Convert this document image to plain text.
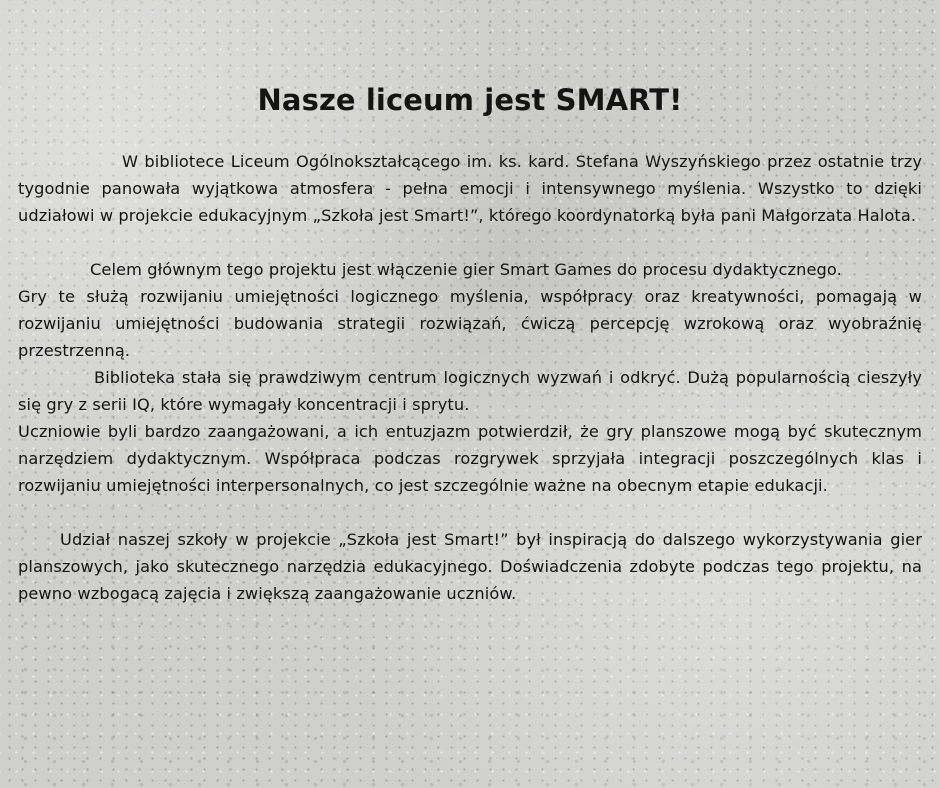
Nasze liceum jest SMART!

W bibliotece Liceum Ogólnokształcącego im. ks. kard. Stefana Wyszyńskiego przez ostatnie trzy tygodnie panowała wyjątkowa atmosfera - pełna emocji i intensywnego myślenia. Wszystko to dzięki udziałowi w projekcie edukacyjnym „Szkoła jest Smart!”, którego koordynatorką była pani Małgorzata Halota.

Celem głównym tego projektu jest włączenie gier Smart Games do procesu dydaktycznego.

Gry te służą rozwijaniu umiejętności logicznego myślenia, współpracy oraz kreatywności, pomagają w rozwijaniu umiejętności budowania strategii rozwiązań, ćwiczą percepcję wzrokową oraz wyobraźnię przestrzenną.

Biblioteka stała się prawdziwym centrum logicznych wyzwań i odkryć. Dużą popularnością cieszyły się gry z serii IQ, które wymagały koncentracji i sprytu.

Uczniowie byli bardzo zaangażowani, a ich entuzjazm potwierdził, że gry planszowe mogą być skutecznym narzędziem dydaktycznym. Współpraca podczas rozgrywek sprzyjała integracji poszczególnych klas i rozwijaniu umiejętności interpersonalnych, co jest szczególnie ważne na obecnym etapie edukacji.

Udział naszej szkoły w projekcie „Szkoła jest Smart!” był inspiracją do dalszego wykorzystywania gier planszowych, jako skutecznego narzędzia edukacyjnego. Doświadczenia zdobyte podczas tego projektu, na pewno wzbogacą zajęcia i zwiększą zaangażowanie uczniów.
